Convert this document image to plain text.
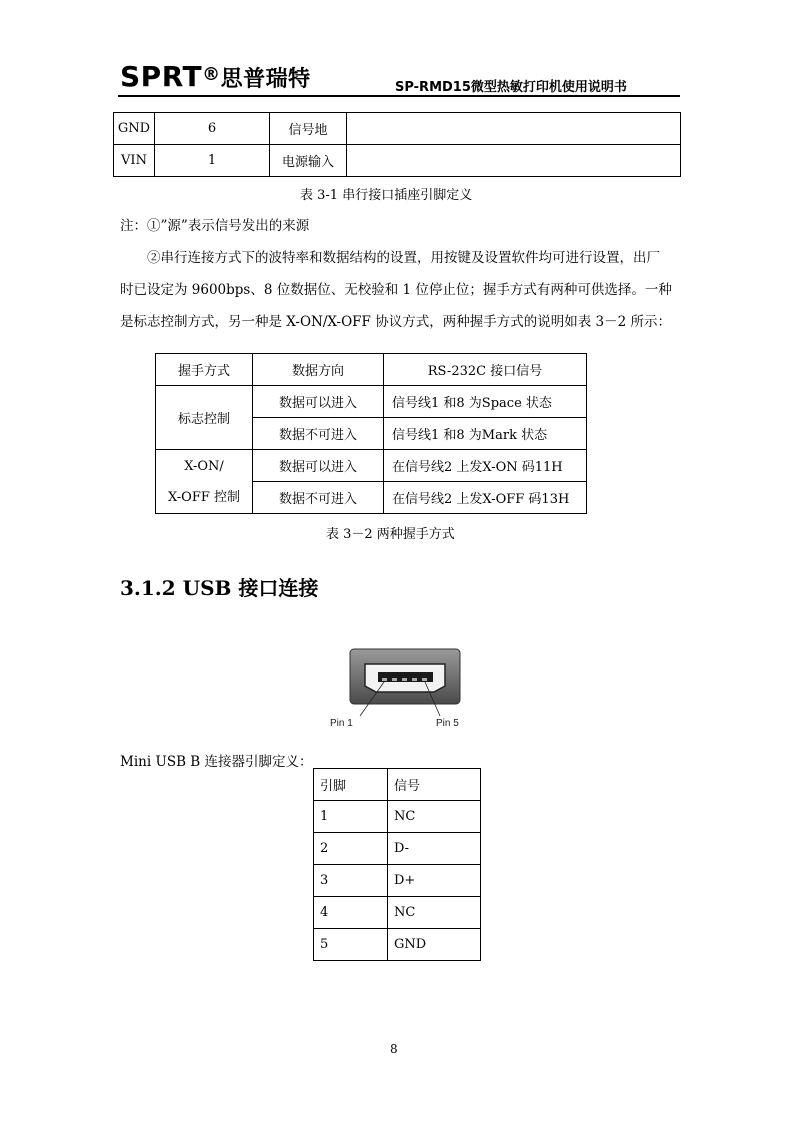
SPRT®思普瑞特	SP-RMD15微型热敏打印机使用说明书
GND	6	信号地	
VIN	1	电源输入	
表 3-1 串行接口插座引脚定义
注：①”源”表示信号发出的来源
②串行连接方式下的波特率和数据结构的设置，用按键及设置软件均可进行设置，出厂
时已设定为 9600bps、8 位数据位、无校验和 1 位停止位；握手方式有两种可供选择。一种
是标志控制方式，另一种是 X-ON/X-OFF 协议方式，两种握手方式的说明如表 3－2 所示：
握手方式	数据方向	RS-232C 接口信号
标志控制	数据可以进入	信号线1 和8 为Space 状态
	数据不可进入	信号线1 和8 为Mark 状态

X-ON/
X-OFF 控制	数据可以进入	在信号线2 上发X-ON 码11H
	数据不可进入	在信号线2 上发X-OFF 码13H
表 3－2 两种握手方式
3.1.2 USB 接口连接
Pin 1	Pin 5
Mini USB B 连接器引脚定义：
引脚	信号
1	NC
2	D-
3	D+
4	NC
5	GND
8
